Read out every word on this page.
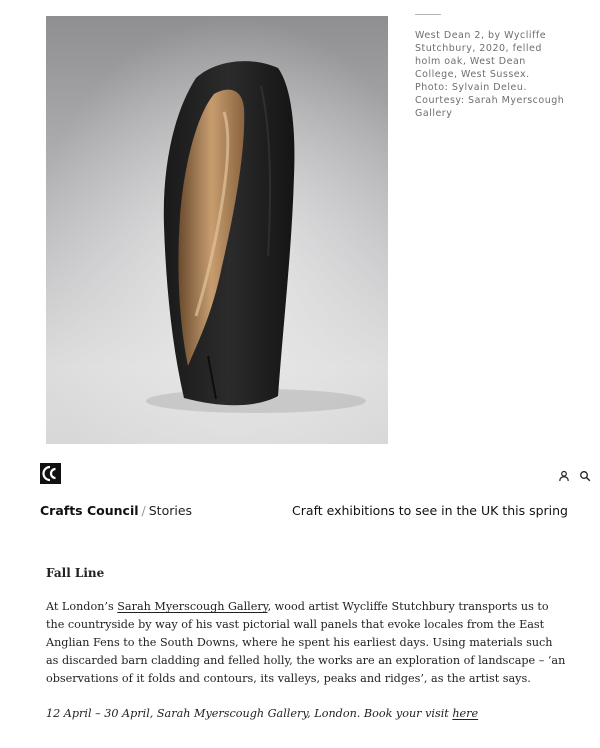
West Dean 2, by Wycliffe Stutchbury, 2020, felled holm oak, West Dean College, West Sussex. Photo: Sylvain Deleu. Courtesy: Sarah Myerscough Gallery
Crafts Council / Stories	Craft exhibitions to see in the UK this spring
Fall Line
At London’s Sarah Myerscough Gallery, wood artist Wycliffe Stutchbury transports us to the countryside by way of his vast pictorial wall panels that evoke locales from the East Anglian Fens to the South Downs, where he spent his earliest days. Using materials such as discarded barn cladding and felled holly, the works are an exploration of landscape – ‘an observations of it folds and contours, its valleys, peaks and ridges’, as the artist says.
12 April – 30 April, Sarah Myerscough Gallery, London. Book your visit here
